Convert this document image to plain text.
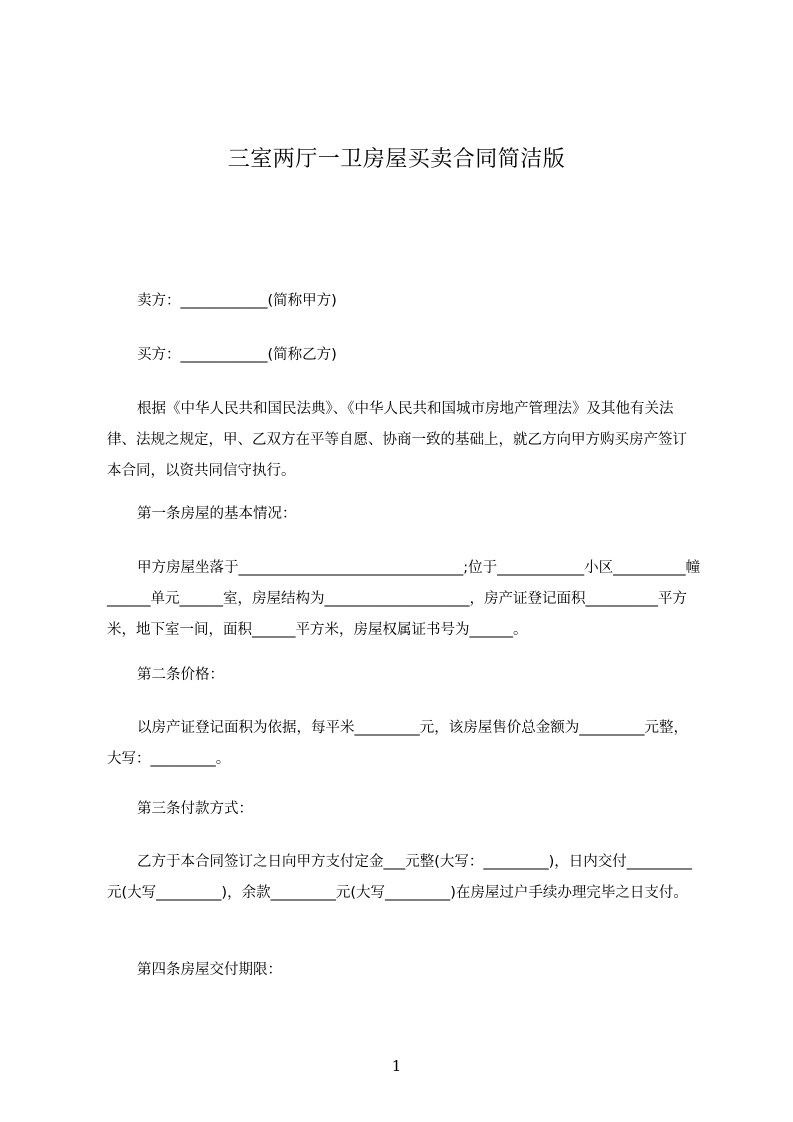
三室两厅一卫房屋买卖合同简洁版
卖方：____________(简称甲方)
买方：____________(简称乙方)
根据《中华人民共和国民法典》、《中华人民共和国城市房地产管理法》及其他有关法律、法规之规定，甲、乙双方在平等自愿、协商一致的基础上，就乙方向甲方购买房产签订本合同，以资共同信守执行。
第一条房屋的基本情况：
甲方房屋坐落于_______________________________;位于____________小区__________幢______单元______室，房屋结构为____________________，房产证登记面积__________平方米，地下室一间，面积______平方米，房屋权属证书号为______。
第二条价格：
以房产证登记面积为依据，每平米_________元，该房屋售价总金额为_________元整，大写：_________。
第三条付款方式：
乙方于本合同签订之日向甲方支付定金___元整(大写：_________)，日内交付_________元(大写_________)，余款_________元(大写_________)在房屋过户手续办理完毕之日支付。
第四条房屋交付期限：
1
